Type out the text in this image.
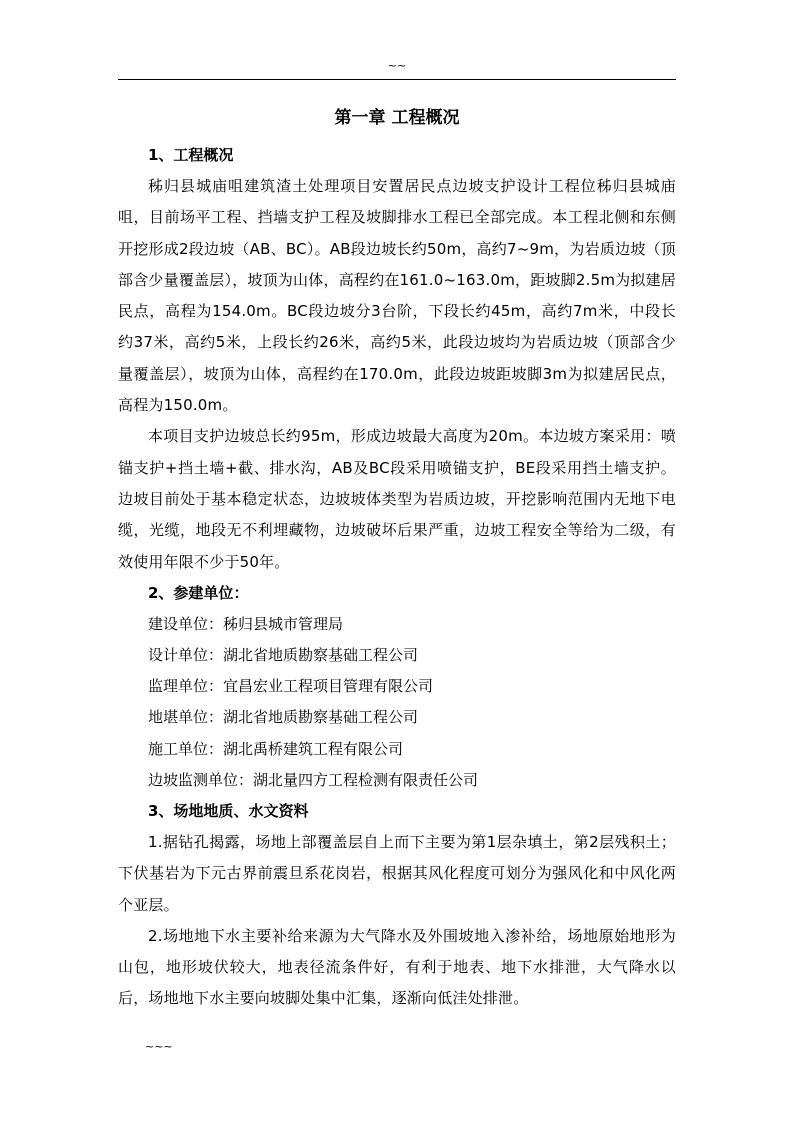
~~
第一章 工程概况

1、工程概况

秭归县城庙咀建筑渣土处理项目安置居民点边坡支护设计工程位秭归县城庙咀，目前场平工程、挡墙支护工程及坡脚排水工程已全部完成。本工程北侧和东侧开挖形成2段边坡（AB、BC）。AB段边坡长约50m，高约7~9m，为岩质边坡（顶部含少量覆盖层），坡顶为山体，高程约在161.0~163.0m，距坡脚2.5m为拟建居民点，高程为154.0m。BC段边坡分3台阶，下段长约45m，高约7m米，中段长约37米，高约5米，上段长约26米，高约5米，此段边坡均为岩质边坡（顶部含少量覆盖层），坡顶为山体，高程约在170.0m，此段边坡距坡脚3m为拟建居民点，高程为150.0m。

本项目支护边坡总长约95m，形成边坡最大高度为20m。本边坡方案采用：喷锚支护+挡土墙+截、排水沟，AB及BC段采用喷锚支护，BE段采用挡土墙支护。边坡目前处于基本稳定状态，边坡坡体类型为岩质边坡，开挖影响范围内无地下电缆，光缆，地段无不利埋藏物，边坡破坏后果严重，边坡工程安全等给为二级，有效使用年限不少于50年。

2、参建单位：

建设单位：秭归县城市管理局
设计单位：湖北省地质勘察基础工程公司
监理单位：宜昌宏业工程项目管理有限公司
地堪单位：湖北省地质勘察基础工程公司
施工单位：湖北禹桥建筑工程有限公司
边坡监测单位：湖北量四方工程检测有限责任公司

3、场地地质、水文资料

1.据钻孔揭露，场地上部覆盖层自上而下主要为第1层杂填土，第2层残积土；下伏基岩为下元古界前震旦系花岗岩，根据其风化程度可划分为强风化和中风化两个亚层。

2.场地地下水主要补给来源为大气降水及外围坡地入渗补给，场地原始地形为山包，地形坡伏较大，地表径流条件好，有利于地表、地下水排泄，大气降水以后，场地地下水主要向坡脚处集中汇集，逐渐向低洼处排泄。

~~~
